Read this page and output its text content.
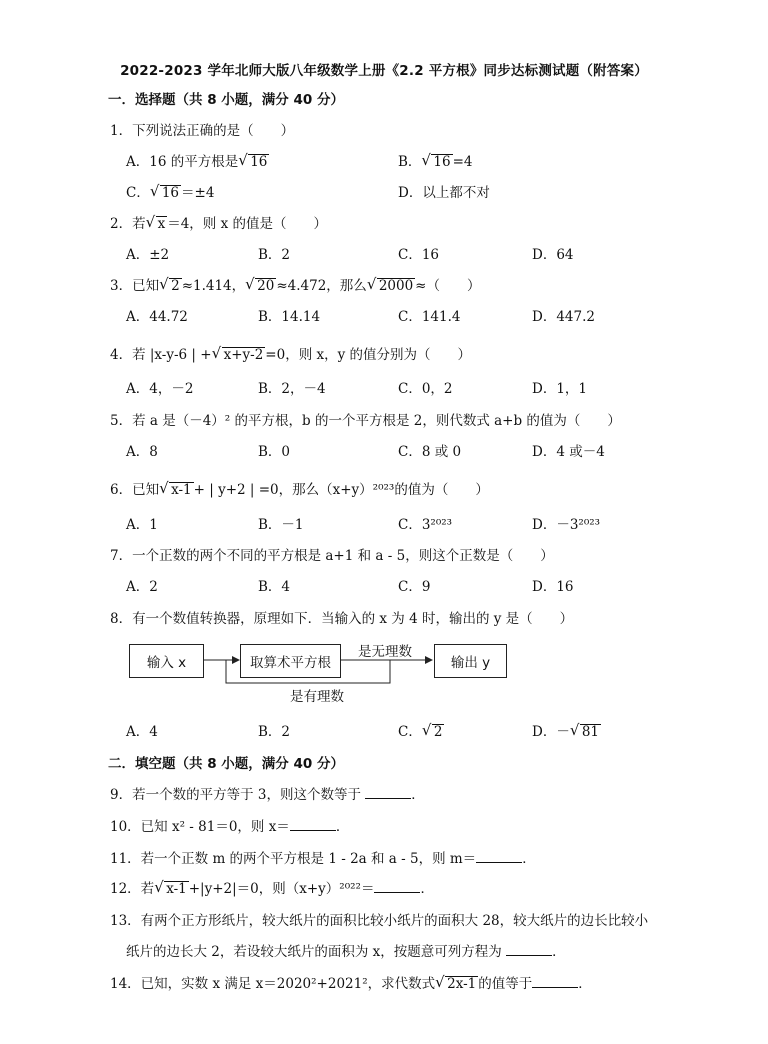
2022-2023 学年北师大版八年级数学上册《2.2 平方根》同步达标测试题（附答案）
一．选择题（共 8 小题，满分 40 分）
1．下列说法正确的是（　　）
A．16 的平方根是 √ 16	B． √ 16 =4
C． √ 16 ＝±4	D．以上都不对
2．若 √ x ＝4，则 x 的值是（　　）
A．±2	B．2	C．16	D．64
3．已知 √ 2 ≈1.414， √ 20 ≈4.472，那么 √ 2000 ≈（　　）
A．44.72	B．14.14	C．141.4	D．447.2
4．若 |x-y-6 | + √ x+y-2 =0，则 x，y 的值分别为（　　）
A．4，－2	B．2，－4	C．0，2	D．1，1
5．若 a 是（－4）² 的平方根，b 的一个平方根是 2，则代数式 a+b 的值为（　　）
A．8	B．0	C．8 或 0	D．4 或－4
6．已知 √ x-1 + | y+2 | =0，那么（x+y）²⁰²³的值为（　　）
A．1	B．－1	C．3²⁰²³	D．－3²⁰²³
7．一个正数的两个不同的平方根是 a+1 和 a - 5，则这个正数是（　　）
A．2	B．4	C．9	D．16
8．有一个数值转换器，原理如下．当输入的 x 为 4 时，输出的 y 是（　　）
输入 x	取算术平方根	输出 y
是无理数
是有理数
A．4	B．2	C． √ 2	D．－ √ 81
二．填空题（共 8 小题，满分 40 分）
9．若一个数的平方等于 3，则这个数等于	．
10．已知 x² - 81＝0，则 x＝	．
11．若一个正数 m 的两个平方根是 1 - 2a 和 a - 5，则 m＝	．
12．若 √ x-1 +|y+2|＝0，则（x+y）²⁰²²＝	．
13．有两个正方形纸片，较大纸片的面积比较小纸片的面积大 28，较大纸片的边长比较小
纸片的边长大 2，若设较大纸片的面积为 x，按题意可列方程为	．
14．已知，实数 x 满足 x＝2020²+2021²，求代数式 √ 2x-1 的值等于	．
